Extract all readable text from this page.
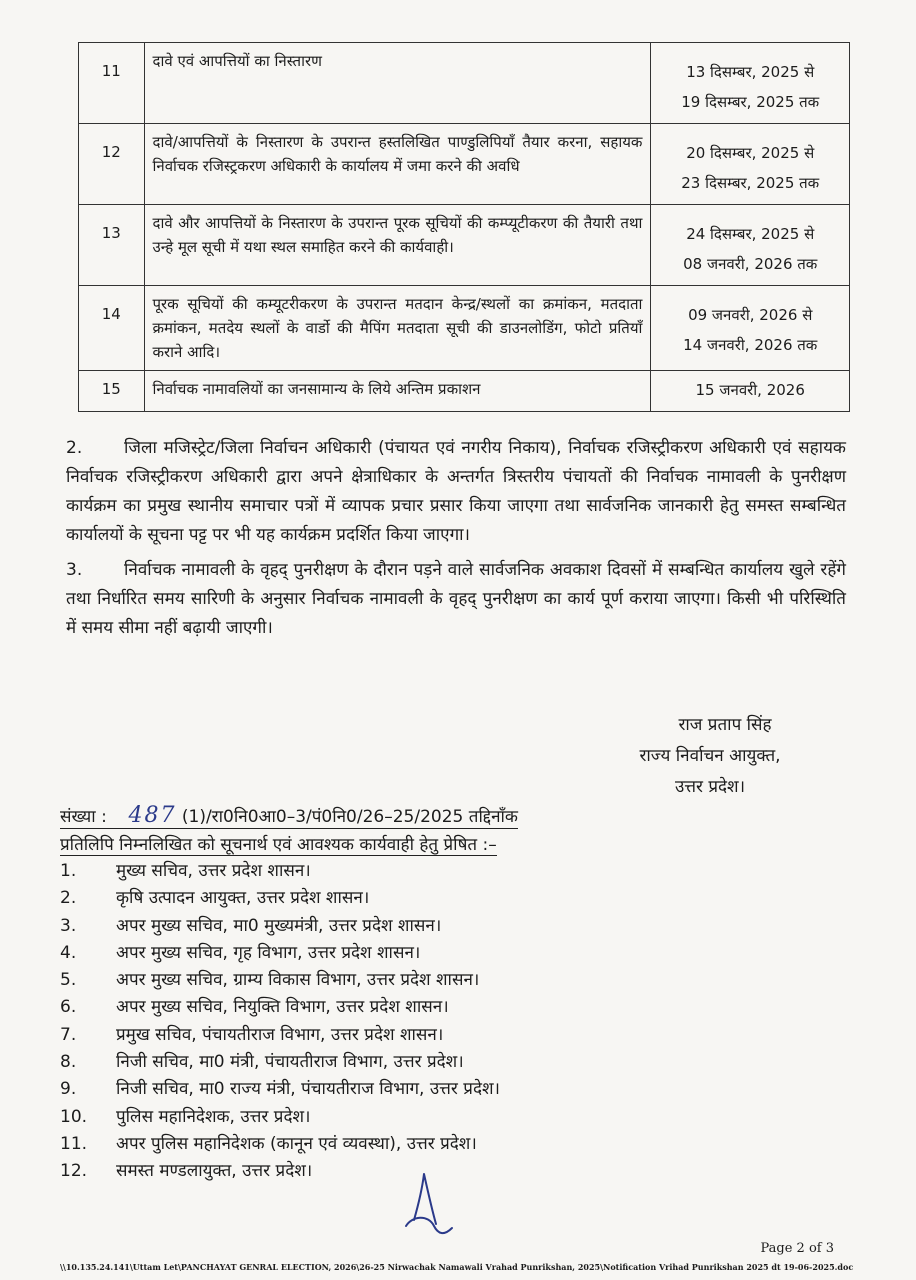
11	दावे एवं आपत्तियों का निस्तारण	13 दिसम्बर, 2025 से
19 दिसम्बर, 2025 तक

12	दावे/आपत्तियों के निस्तारण के उपरान्त हस्तलिखित पाण्डुलिपियाँ तैयार करना, सहायक निर्वाचक रजिस्ट्रकरण अधिकारी के कार्यालय में जमा करने की अवधि	20 दिसम्बर, 2025 से
23 दिसम्बर, 2025 तक

13	दावे और आपत्तियों के निस्तारण के उपरान्त पूरक सूचियों की कम्प्यूटीकरण की तैयारी तथा उन्हे मूल सूची में यथा स्थल समाहित करने की कार्यवाही।	24 दिसम्बर, 2025 से
08 जनवरी, 2026 तक

14	पूरक सूचियों की कम्यूटरीकरण के उपरान्त मतदान केन्द्र/स्थलों का क्रमांकन, मतदाता क्रमांकन, मतदेय स्थलों के वार्डो की मैपिंग मतदाता सूची की डाउनलोडिंग, फोटो प्रतियाँ कराने आदि।	09 जनवरी, 2026 से
14 जनवरी, 2026 तक

15	निर्वाचक नामावलियों का जनसामान्य के लिये अन्तिम प्रकाशन	15 जनवरी, 2026

2. जिला मजिस्ट्रेट/जिला निर्वाचन अधिकारी (पंचायत एवं नगरीय निकाय), निर्वाचक रजिस्ट्रीकरण अधिकारी एवं सहायक निर्वाचक रजिस्ट्रीकरण अधिकारी द्वारा अपने क्षेत्राधिकार के अन्तर्गत त्रिस्तरीय पंचायतों की निर्वाचक नामावली के पुनरीक्षण कार्यक्रम का प्रमुख स्थानीय समाचार पत्रों में व्यापक प्रचार प्रसार किया जाएगा तथा सार्वजनिक जानकारी हेतु समस्त सम्बन्धित कार्यालयों के सूचना पट्ट पर भी यह कार्यक्रम प्रदर्शित किया जाएगा।

3. निर्वाचक नामावली के वृहद् पुनरीक्षण के दौरान पड़ने वाले सार्वजनिक अवकाश दिवसों में सम्बन्धित कार्यालय खुले रहेंगे तथा निर्धारित समय सारिणी के अनुसार निर्वाचक नामावली के वृहद् पुनरीक्षण का कार्य पूर्ण कराया जाएगा। किसी भी परिस्थिति में समय सीमा नहीं बढ़ायी जाएगी।

राज प्रताप सिंह
राज्य निर्वाचन आयुक्त,
उत्तर प्रदेश।
संख्या : 487 (1)/रा0नि0आ0–3/पं0नि0/26–25/2025 तद्दिनाँक
प्रतिलिपि निम्नलिखित को सूचनार्थ एवं आवश्यक कार्यवाही हेतु प्रेषित :–
1.	मुख्य सचिव, उत्तर प्रदेश शासन।
2.	कृषि उत्पादन आयुक्त, उत्तर प्रदेश शासन।
3.	अपर मुख्य सचिव, मा0 मुख्यमंत्री, उत्तर प्रदेश शासन।
4.	अपर मुख्य सचिव, गृह विभाग, उत्तर प्रदेश शासन।
5.	अपर मुख्य सचिव, ग्राम्य विकास विभाग, उत्तर प्रदेश शासन।
6.	अपर मुख्य सचिव, नियुक्ति विभाग, उत्तर प्रदेश शासन।
7.	प्रमुख सचिव, पंचायतीराज विभाग, उत्तर प्रदेश शासन।
8.	निजी सचिव, मा0 मंत्री, पंचायतीराज विभाग, उत्तर प्रदेश।
9.	निजी सचिव, मा0 राज्य मंत्री, पंचायतीराज विभाग, उत्तर प्रदेश।
10.	पुलिस महानिदेशक, उत्तर प्रदेश।
11.	अपर पुलिस महानिदेशक (कानून एवं व्यवस्था), उत्तर प्रदेश।
12.	समस्त मण्डलायुक्त, उत्तर प्रदेश।
Page 2 of 3
\\10.135.24.141\Uttam Let\PANCHAYAT GENRAL ELECTION, 2026\26-25 Nirwachak Namawali Vrahad Punrikshan, 2025\Notification Vrihad Punrikshan 2025 dt 19-06-2025.doc
